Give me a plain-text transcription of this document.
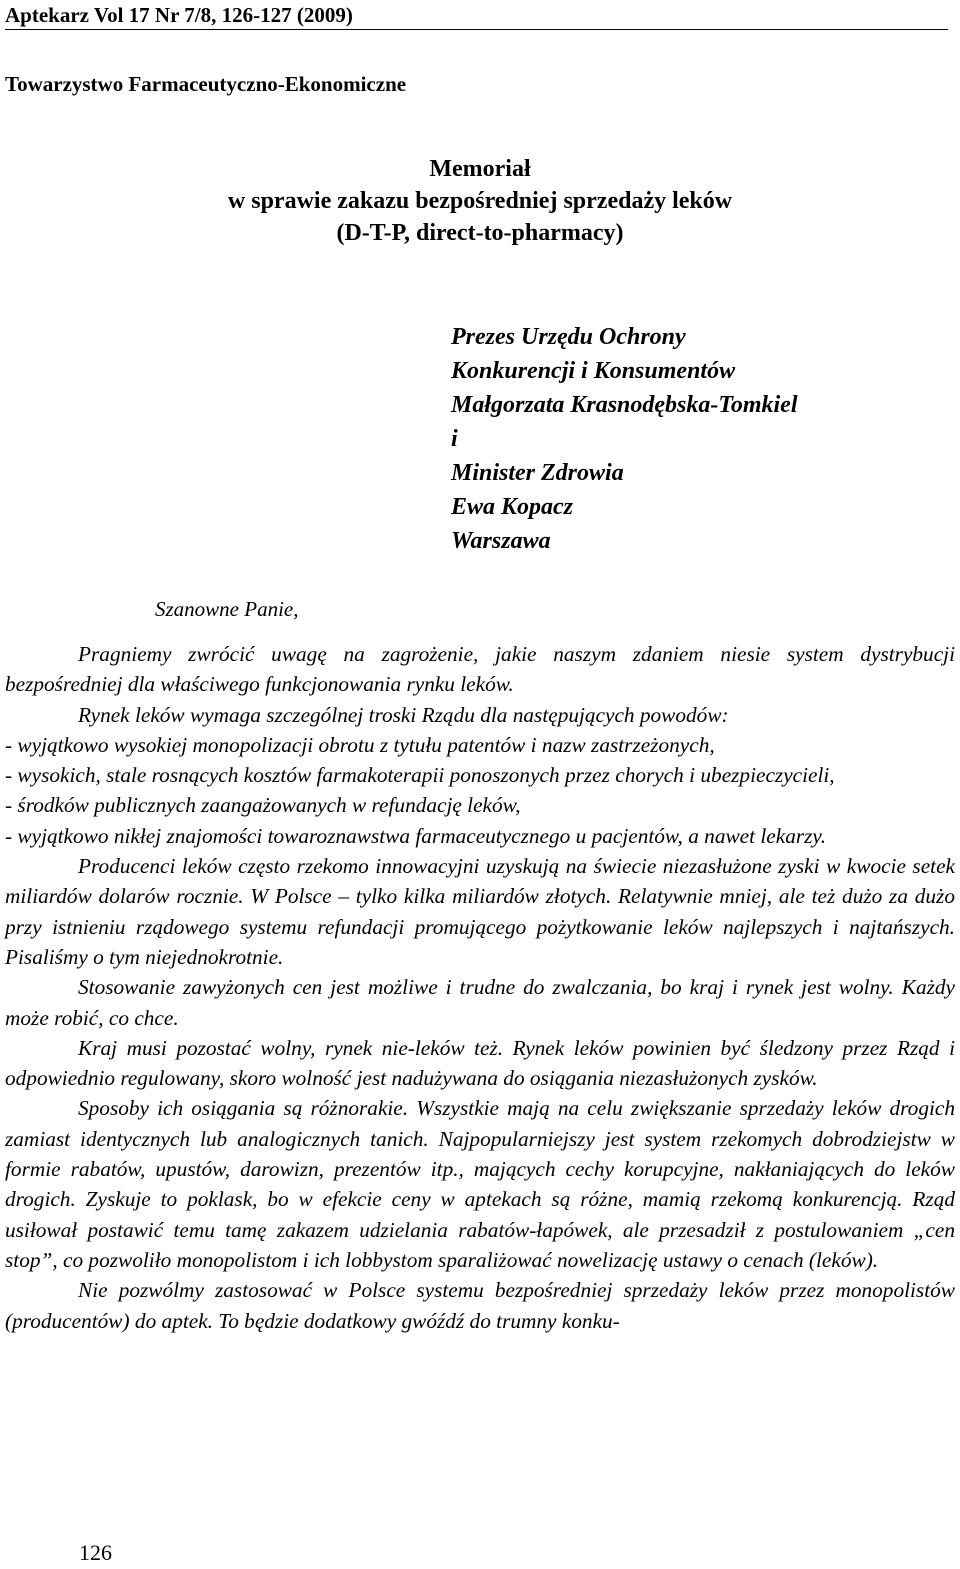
Aptekarz Vol 17 Nr 7/8, 126-127 (2009)
Towarzystwo Farmaceutyczno-Ekonomiczne
Memoriał
w sprawie zakazu bezpośredniej sprzedaży leków
(D-T-P, direct-to-pharmacy)
Prezes Urzędu Ochrony
Konkurencji i Konsumentów
Małgorzata Krasnodębska-Tomkiel
i
Minister Zdrowia
Ewa Kopacz
Warszawa
Szanowne Panie,

Pragniemy zwrócić uwagę na zagrożenie, jakie naszym zdaniem niesie system dystrybucji bezpośredniej dla właściwego funkcjonowania rynku leków.

Rynek leków wymaga szczególnej troski Rządu dla następujących powodów:

- wyjątkowo wysokiej monopolizacji obrotu z tytułu patentów i nazw zastrzeżonych,

- wysokich, stale rosnących kosztów farmakoterapii ponoszonych przez chorych i ubezpieczycieli,

- środków publicznych zaangażowanych w refundację leków,

- wyjątkowo nikłej znajomości towaroznawstwa farmaceutycznego u pacjentów, a nawet lekarzy.

Producenci leków często rzekomo innowacyjni uzyskują na świecie niezasłużone zyski w kwocie setek miliardów dolarów rocznie. W Polsce – tylko kilka miliardów złotych. Relatywnie mniej, ale też dużo za dużo przy istnieniu rządowego systemu refundacji promującego pożytkowanie leków najlepszych i najtańszych. Pisaliśmy o tym niejednokrotnie.

Stosowanie zawyżonych cen jest możliwe i trudne do zwalczania, bo kraj i rynek jest wolny. Każdy może robić, co chce.

Kraj musi pozostać wolny, rynek nie-leków też. Rynek leków powinien być śledzony przez Rząd i odpowiednio regulowany, skoro wolność jest nadużywana do osiągania niezasłużonych zysków.

Sposoby ich osiągania są różnorakie. Wszystkie mają na celu zwiększanie sprzedaży leków drogich zamiast identycznych lub analogicznych tanich. Najpopularniejszy jest system rzekomych dobrodziejstw w formie rabatów, upustów, darowizn, prezentów itp., mających cechy korupcyjne, nakłaniających do leków drogich. Zyskuje to poklask, bo w efekcie ceny w aptekach są różne, mamią rzekomą konkurencją. Rząd usiłował postawić temu tamę zakazem udzielania rabatów-łapówek, ale przesadził z postulowaniem „cen stop”, co pozwoliło monopolistom i ich lobbystom sparaliżować nowelizację ustawy o cenach (leków).

Nie pozwólmy zastosować w Polsce systemu bezpośredniej sprzedaży leków przez monopolistów (producentów) do aptek. To będzie dodatkowy gwóźdź do trumny konku-

126
